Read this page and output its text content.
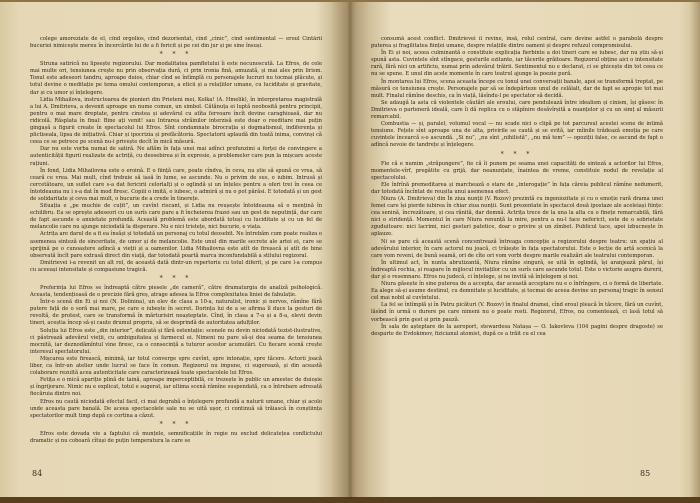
colege amoreziate de el, cînd orgolios, cînd dezorientat, cînd „cinic”, cînd sentimental — eroul Cîntării bucuriei nimicește mereu în încercările lui de a fi fericit și pe cei din jur și pe sine însuși.

* * *

Struna satirică nu lipsește regizorului. Dar modalitatea pamfletului îi este necunoscută. La Efros, de cele mai multe ori, tensiunea crește nu prin observația dură, ci prin ironia fină, amuzată, și mai ales prin lirism. Tonul este adeseori tandru, aproape duios, chiar cînd se întîmplă cu personajele lucruri nu tocmai plăcute, și totul devine o meditație pe tema omului contemporan, a eticii și a relațiilor umane, cu luciditate și gravitate, dar și cu umor și înțelegere.

Lidia Mihailova, instructoarea de pionieri din Prieteni mei, Kolka! (A. Hmelik), în interpretarea magistrală a lui A. Dmitrieva, a devenit aproape un nume comun, un simbol. Cătănuța ei luptă neobosită pentru principii, pentru o mai mare dreptate, pentru cinstea și adevărul cu atîta fervoare încît devine caraghioasă, dar nu ridicolă. Răsplata în final: Bine ați venit! sau Intrarea străinilor interzisă este doar o reeditare mai puțin gingașă a figurii create în spectacolul lui Efros. Sînt condamnate birocrația și dogmatismul, indiferența și plictiseala, lipsa de inițiativă. Chiar și ipocrizia și prefăcătoria. Spectatorii aplaudă din toată inima, convinși că ceea ce se petrece pe scenă nu-i privește decît în mică măsură.

Dar nu este vorba numai de satiră. Ne aflăm în fața unei mai adînci profunzimi a forței de convingere a autenticității figurii realizate de actriță, cu deosebirea și în expresie, a problemelor care pun la mișcare aceste rațiuni.

În fond, Lidia Mihailovna este o eroină. E o ființă care, poate cîndva, în ceva, nu știe să spună ce vrea, să ceară ce vrea. Mai mult, cînd trebuie să iasă în lume, se ascunde. Nu o privim de sus, o iubim. Intrusă și cercetătoare, un suflet care s-a dat fericirii celorlalți și o oglindă și un înțeles pentru a oferi trei în ceea ce întotdeauna nu i s-a dat în mod firesc. Copiii o imită, o iubesc, o admiră și nu o pot părăsi. E totodată și un gest de solidaritate și ceva mai mult, o bucurie de a crede în tinerețe.

Situația e „pe muchie de cuțit”, un cuvînt riscant, și Lidia nu reușește întotdeauna să o mențină în echilibru. Ea se oprește adeseori cu un surîs care pare a fi încheierea frazei sau un gest de neputință, dar care de fapt ascunde o anxietate profundă. Această problemă este abordată totuși cu luciditate și cu un fel de melancolie care nu ajunge niciodată la disperare. Nu e nici tristețe, nici bucurie, e viața.

Actrița are darul de a fi ea însăși și totodată un personaj cu totul deosebit. Ne întrebăm cum poate realiza o asemenea sinteză de sinceritate, de umor și de melancolie. Este unul din marile secrete ale artei ei, care se sprijină pe o cunoaștere adîncă a vieții și a oamenilor. Lidia Mihailovna este atît de firească și atît de bine observată încît pare extrasă direct din viață, dar totodată poartă marca inconfundabilă a stilului regizoral.

Dmitrievei i-a revenit un alt rol, de această dată dintr-un repertoriu cu totul diferit, și pe care l-a compus cu aceeași intensitate și compasiune tragică.

* * *

Preferința lui Efros se îndreaptă către piesele „de cameră”, către dramaturgia de analiză psihologică. Aceasta, tendențioasă de o precizie fără greș, atrage adesea la Efros complexitatea liniei de fabulație.

Într-o scenă din Ei și noi (N. Dolinina), un elev de clasa a 10-a, naturalist, ironic și nervos, rămîne fără putere față de o soră mai mare, pe care o iubește în secret. Dorința lui de a se afirma îl duce la gesturi de revoltă, de protest, care se transformă în mărturisiri neașteptate. Cînd, în clasa a 7-a și a 8-a, elevii devin tineri, aceștia încep să-și caute drumul propriu, să se desprindă de autoritatea adulților.

Soluția lui Efros este „din interior”, delicată și fără ostentație: scenele nu devin niciodată tezist-ilustrative, ci păstrează adevărul vieții, cu ambiguitatea și farmecul ei. Nimeni nu pare să-și dea seama de tensiunea mocnită, iar deznodămîntul vine firesc, ca o consecință a tuturor acestor acumulări. Cu fiecare scenă crește interesul spectatorului.

Mișcarea este firească, minimă, iar totul converge spre cuvînt, spre intonație, spre tăcere. Actorii joacă liber, ca într-un atelier unde lucrul se face în comun. Regizorul nu impune, ci sugerează, și din această colaborare rezultă acea autenticitate care caracterizează toate spectacolele lui Efros.

Fetița e o mică apariție plină de taină, aproape imperceptibilă, ce trezește în public un amestec de duioșie și îngrijorare. Nimic nu e explicat, totul e sugerat, iar ultima scenă rămîne suspendată, ca o întrebare adresată fiecăruia dintre noi.

Efros nu caută niciodată efectul facil, ci mai degrabă o înțelegere profundă a naturii umane, chiar și acolo unde aceasta pare banală. De aceea spectacolele sale nu se uită ușor, ci continuă să trăiască în conștiința spectatorilor mult timp după ce cortina a căzut.

* * *

Efros este dovada vie a faptului că munțele, semnificațiile în regie nu exclud delicatețea conflictului dramatic și nu coboară cîtuși de puțin temperatura la care se

consumă acest conflict. Dmitrievei îi revine, însă, rolul central, care devine astfel o parabolă despre puterea și fragilitatea ființei umane, despre relațiile dintre oameni și despre refuzul compromisului.

În Ei și noi, aceea culminantă o constituie explicația fierbinte a doi tineri care se iubesc, dar nu știu să-și spună asta. Cuvintele sînt stîngace, gesturile ezitante, iar tăcerile grăitoare. Regizorul obține aici o intensitate rară, fără nici un artificiu, numai prin adevărul trăirii. Sentimentul nu e declarat, ci se ghicește din tot ceea ce nu se spune. E unul din acele momente în care teatrul ajunge la poezie pură.

În montarea lui Efros, scena aceasta începe cu tonul unei conversații banale, apoi se transformă treptat, pe măsură ce tensiunea crește. Personajele par să se îndepărteze unul de celălalt, dar de fapt se apropie tot mai mult. Finalul rămîne deschis, ca în viață, lăsîndu-l pe spectator să decidă.

Se adaugă la asta că violentele căutări ale eroului, care pendulează între idealism și cinism, își găsesc în Dmitrieva o parteneră ideală, care îi dă replica cu o stăpînire desăvîrșită a nuanțelor și cu un simț al măsurii remarcabil.

Combustia — și, paralel, volumul vocal — nu scade nici o clipă pe tot parcursul acestei scene de intimă tensiune. Fețele sînt aproape una de alta, privirile se caută și se evită, iar mîinile trădează emoția pe care cuvintele încearcă s-o ascundă. „Si nu”, „nu sînt „nihilistă”, „nu mă tem” — opoziții false, ce ascund de fapt o adîncă nevoie de tandrețe și înțelegere.

* * *

Fie că e numim „străpungere”, fie că îi punem pe seama unei capacități de sinteză a actorilor lui Efros, momentele-vîrf, pregătite cu grijă, dar neanunțate, înaintea de vreme, constituie nodul de revelație al spectacolului.

Ele înfrînă premeditarea și marchează o stare de „interogație” în fața căreia publicul rămîne nedumerit, dar totodată încîntat de reușita unui asemenea efect.

Niura (A. Dmitrieva) din În ziua nunții (V. Rozov) prezintă cu ingeniozitate și cu o emoție rară drama unei femei care își pierde iubirea în chiar ziua nunții. Sunt prezentate în spectacol două ipostaze ale aceleiași ființe: cea senină, încrezătoare, și cea rănită, dar demnă. Actrița trece de la una la alta cu o finețe remarcabilă, fără nici o stridență. Momentul în care Niura renunță la mire, pentru a nu-l face nefericit, este de o sobrietate zguduitoare: nici lacrimi, nici gesturi patetice, doar o privire și un zîmbet. Publicul tace, apoi izbucnește în aplauze.

Ni se pare că această scenă concentrează întreaga concepție a regizorului despre teatru: un spațiu al adevărului interior, în care actorul nu joacă, ci trăiește în fața spectatorului. Este o lecție de artă scenică la care vom reveni, de bună seamă, ori de cîte ori vom vorbi despre marile realizări ale teatrului contemporan.

În ultimul act, în nunta abrutizantă, Niura rămîne singură, se uită în oglindă, își aranjează părul, își îndreaptă rochia, și reapare în mijlocul invitaților cu un surîs care ascunde totul. Este o victorie asupra durerii, dar și o resemnare. Efros nu judecă, ci înțelege, și ne invită să înțelegem și noi.

Niura găsește în sine puterea de a accepta, dar această acceptare nu e o înfrîngere, ci o formă de libertate. Ea alege să-și asume destinul, cu demnitate și luciditate, și tocmai de aceea devine un personaj tragic în sensul cel mai nobil al cuvîntului.

La fel se întîmplă și în Patru picături (V. Rozov) în finalul dramei, cînd eroul pleacă în tăcere, fără un cuvînt, lăsînd în urmă o durere pe care nimeni nu o poate rosti. Regizorul, Efros, nu comentează, ci lasă totul să vorbească prin gest și prin pauză.

În sala de așteptare de la aeroport, stewardesa Natașa — O. Iakovleva (104 pagini despre dragoste) se desparte de Evdokimov, fizicianul atomist, după ce a trăit cu el cea

84	85
